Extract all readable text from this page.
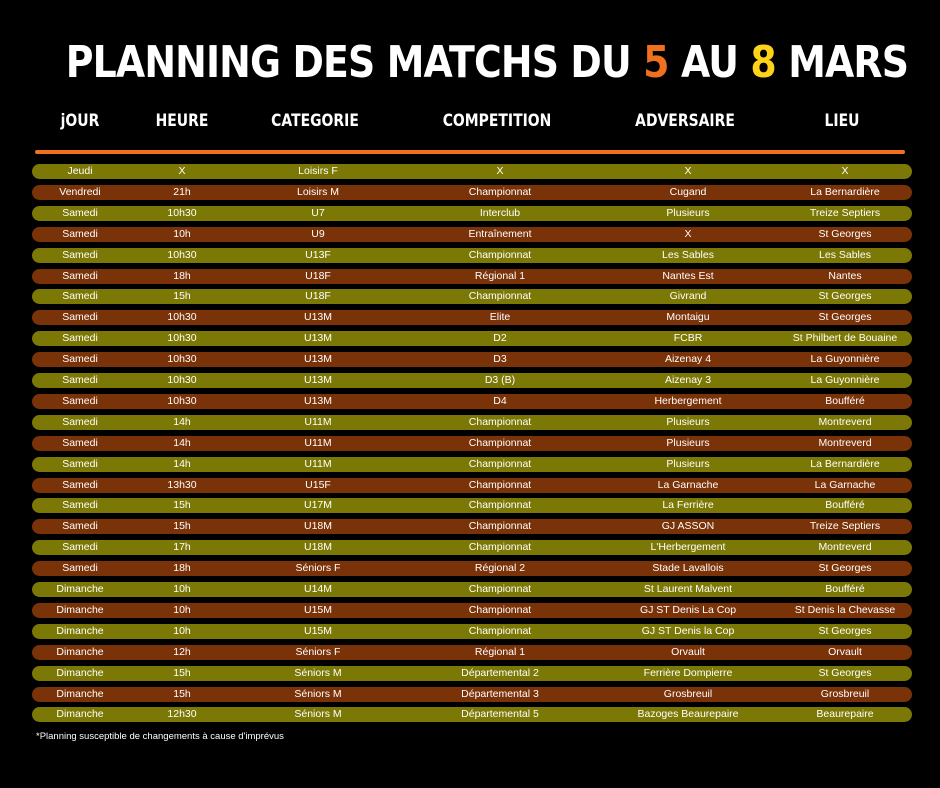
PLANNING DES MATCHS DU 5 AU 8 MARS
jOUR	HEURE	CATEGORIE	COMPETITION	ADVERSAIRE	LIEU
Jeudi	X	Loisirs F	X	X	X
Vendredi	21h	Loisirs M	Championnat	Cugand	La Bernardière
Samedi	10h30	U7	Interclub	Plusieurs	Treize Septiers
Samedi	10h	U9	Entraînement	X	St Georges
Samedi	10h30	U13F	Championnat	Les Sables	Les Sables
Samedi	18h	U18F	Régional 1	Nantes Est	Nantes
Samedi	15h	U18F	Championnat	Givrand	St Georges
Samedi	10h30	U13M	Elite	Montaigu	St Georges
Samedi	10h30	U13M	D2	FCBR	St Philbert de Bouaine
Samedi	10h30	U13M	D3	Aizenay 4	La Guyonnière
Samedi	10h30	U13M	D3 (B)	Aizenay 3	La Guyonnière
Samedi	10h30	U13M	D4	Herbergement	Boufféré
Samedi	14h	U11M	Championnat	Plusieurs	Montreverd
Samedi	14h	U11M	Championnat	Plusieurs	Montreverd
Samedi	14h	U11M	Championnat	Plusieurs	La Bernardière
Samedi	13h30	U15F	Championnat	La Garnache	La Garnache
Samedi	15h	U17M	Championnat	La Ferrière	Boufféré
Samedi	15h	U18M	Championnat	GJ ASSON	Treize Septiers
Samedi	17h	U18M	Championnat	L'Herbergement	Montreverd
Samedi	18h	Séniors F	Régional 2	Stade Lavallois	St Georges
Dimanche	10h	U14M	Championnat	St Laurent Malvent	Boufféré
Dimanche	10h	U15M	Championnat	GJ ST Denis La Cop	St Denis la Chevasse
Dimanche	10h	U15M	Championnat	GJ ST Denis la Cop	St Georges
Dimanche	12h	Séniors F	Régional 1	Orvault	Orvault
Dimanche	15h	Séniors M	Départemental 2	Ferrière Dompierre	St Georges
Dimanche	15h	Séniors M	Départemental 3	Grosbreuil	Grosbreuil
Dimanche	12h30	Séniors M	Départemental 5	Bazoges Beaurepaire	Beaurepaire
*Planning susceptible de changements à cause d'imprévus
